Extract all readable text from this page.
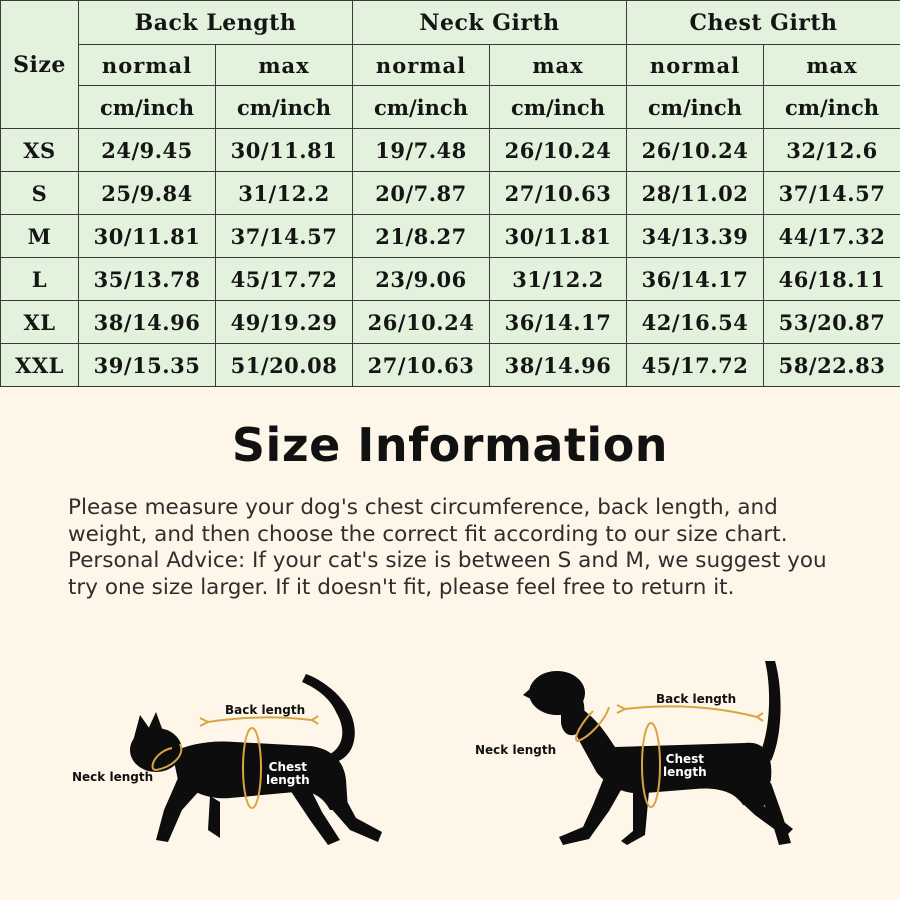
Size	Back Length		Neck Girth		Chest Girth	
	normal	max	normal	max	normal	max
	cm/inch	cm/inch	cm/inch	cm/inch	cm/inch	cm/inch
XS	24/9.45	30/11.81	19/7.48	26/10.24	26/10.24	32/12.6
S	25/9.84	31/12.2	20/7.87	27/10.63	28/11.02	37/14.57
M	30/11.81	37/14.57	21/8.27	30/11.81	34/13.39	44/17.32
L	35/13.78	45/17.72	23/9.06	31/12.2	36/14.17	46/18.11
XL	38/14.96	49/19.29	26/10.24	36/14.17	42/16.54	53/20.87
XXL	39/15.35	51/20.08	27/10.63	38/14.96	45/17.72	58/22.83
Size Information

Please measure your dog's chest circumference, back length, and weight, and then choose the correct fit according to our size chart. Personal Advice: If your cat's size is between S and M, we suggest you try one size larger. If it doesn't fit, please feel free to return it.

Back length
Neck length
Chest
length
Back length
Neck length
Chest
length
